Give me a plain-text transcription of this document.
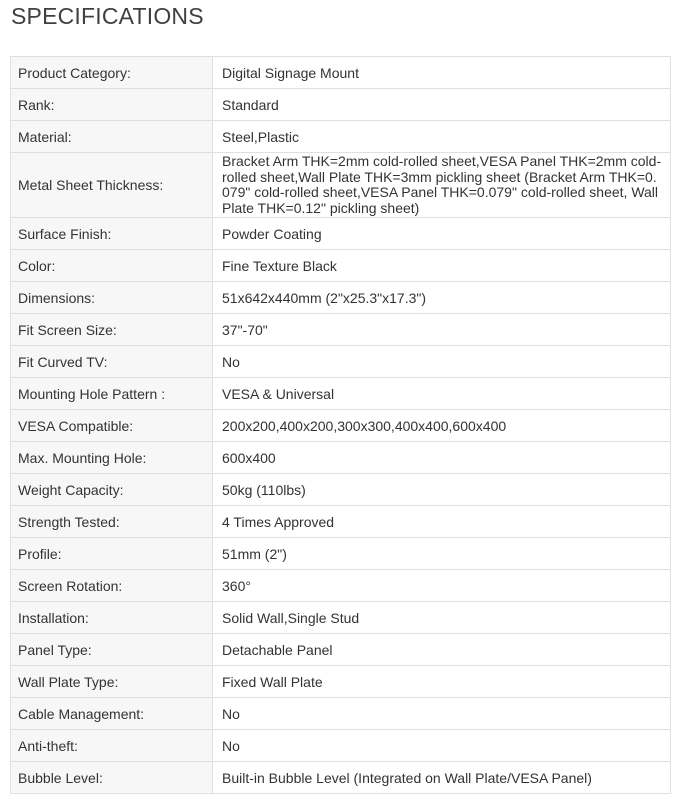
SPECIFICATIONS
Product Category:	Digital Signage Mount
Rank:	Standard
Material:	Steel,Plastic
Metal Sheet Thickness:	Bracket Arm THK=2mm cold-rolled sheet,VESA Panel THK=2mm cold-rolled sheet,Wall Plate THK=3mm pickling sheet (Bracket Arm THK=0.079" cold-rolled sheet,VESA Panel THK=0.079" cold-rolled sheet, Wall Plate THK=0.12" pickling sheet)
Surface Finish:	Powder Coating
Color:	Fine Texture Black
Dimensions:	51x642x440mm (2"x25.3"x17.3")
Fit Screen Size:	37"-70"
Fit Curved TV:	No
Mounting Hole Pattern :	VESA & Universal
VESA Compatible:	200x200,400x200,300x300,400x400,600x400
Max. Mounting Hole:	600x400
Weight Capacity:	50kg (110lbs)
Strength Tested:	4 Times Approved
Profile:	51mm (2")
Screen Rotation:	360°
Installation:	Solid Wall,Single Stud
Panel Type:	Detachable Panel
Wall Plate Type:	Fixed Wall Plate
Cable Management:	No
Anti-theft:	No
Bubble Level:	Built-in Bubble Level (Integrated on Wall Plate/VESA Panel)
